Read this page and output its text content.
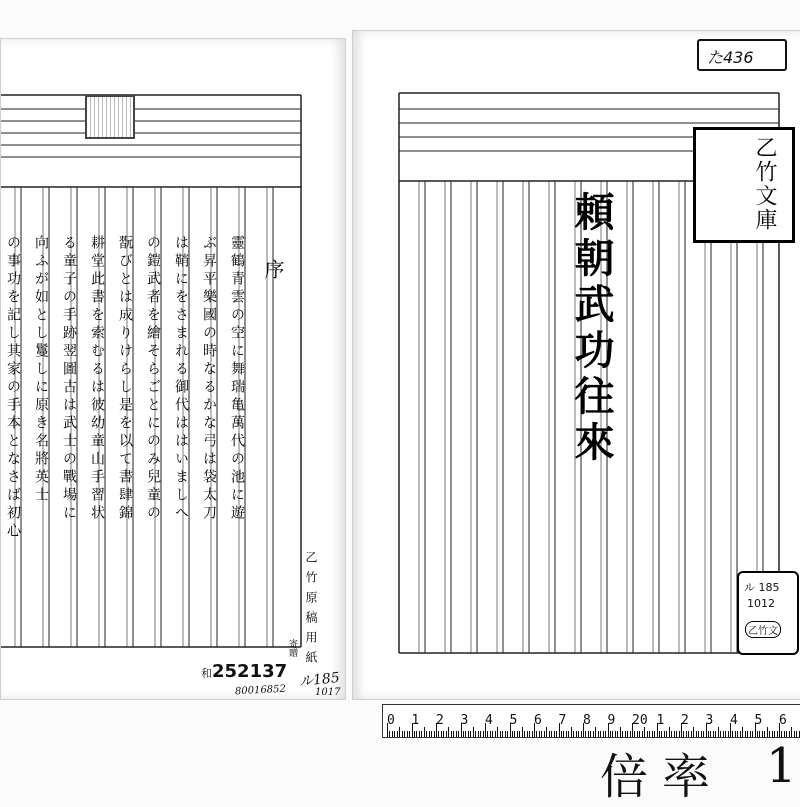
序
靈鶴青雲の空に舞瑞亀萬代の池に遊
ぶ昇平樂國の時なるかな弓は袋太刀
は鞘にをさまれる御代ははいましへ
の鎧武者を繪そらごとにのみ兒童の
翫びとは成りけらし是を以て書肆錦
耕堂此書を索むるは彼幼童山手習状
る童子の手跡翌圖古は武士の戰場に
向ふが如とし鬘しに原き名將英士
の事功を記し其家の手本となさば初心
乙竹原稿用紙
寄贈
和252137
80016852
ル185
1017
た436
乙竹文庫
頼朝武功往來
ル 185
1012
乙竹文
0 1 2 3 4 5 6 7 8 9 20 1 2 3 4 5 6
倍率 1
